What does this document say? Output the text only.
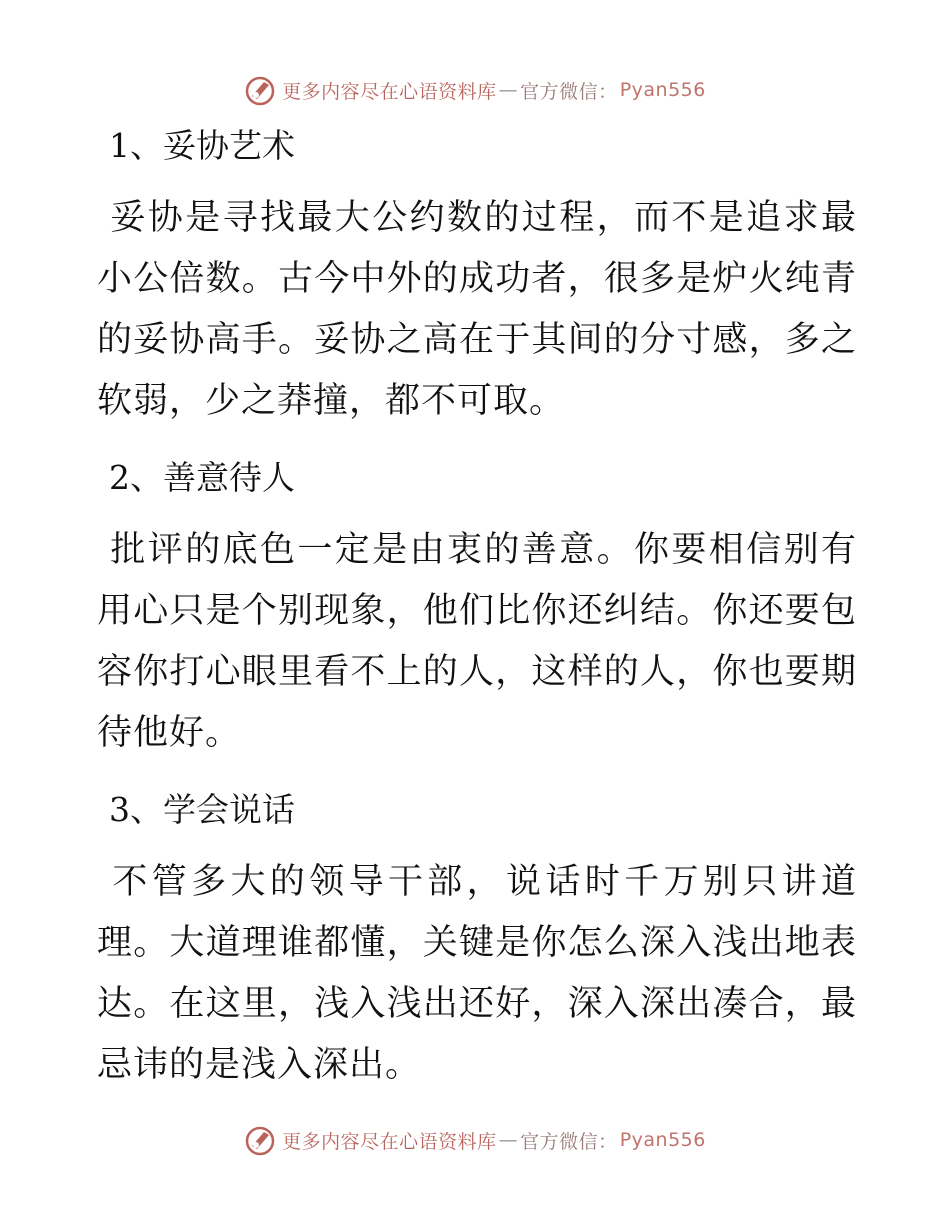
更多内容尽在心语资料库 — 官方微信： Pyan556
1、妥协艺术

妥协是寻找最大公约数的过程，而不是追求最小公倍数。古今中外的成功者，很多是炉火纯青的妥协高手。妥协之高在于其间的分寸感，多之软弱，少之莽撞，都不可取。

2、善意待人

批评的底色一定是由衷的善意。你要相信别有用心只是个别现象，他们比你还纠结。你还要包容你打心眼里看不上的人，这样的人，你也要期待他好。

3、学会说话

不管多大的领导干部，说话时千万别只讲道理。大道理谁都懂，关键是你怎么深入浅出地表达。在这里，浅入浅出还好，深入深出凑合，最忌讳的是浅入深出。

更多内容尽在心语资料库 — 官方微信： Pyan556
